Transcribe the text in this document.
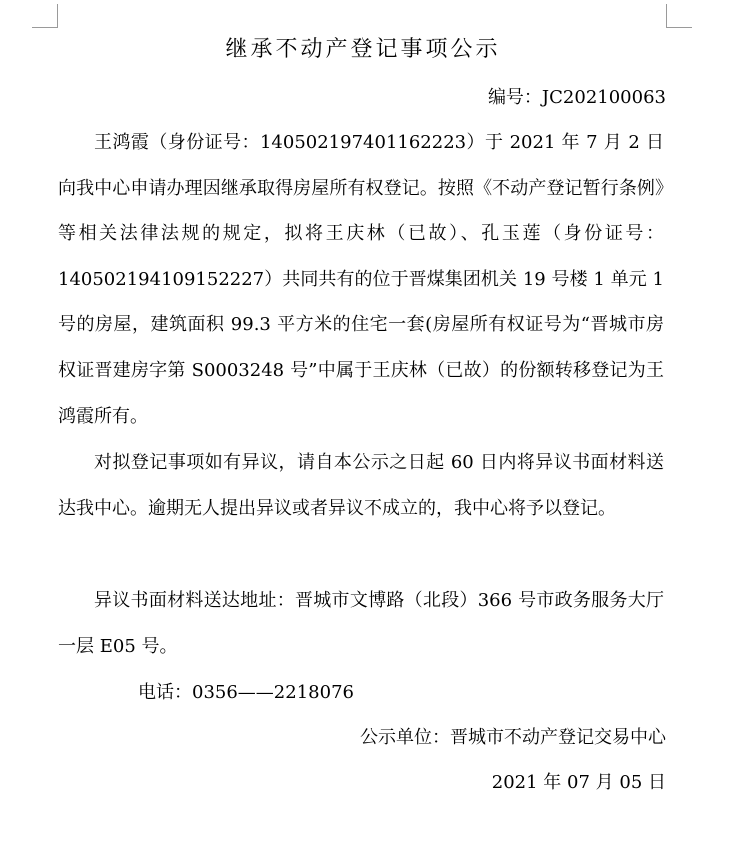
继承不动产登记事项公示
编号：JC202100063

王鸿霞（身份证号：140502197401162223）于 2021 年 7 月 2 日向我中心申请办理因继承取得房屋所有权登记。按照《不动产登记暂行条例》等相关法律法规的规定，拟将王庆林（已故）、孔玉莲（身份证号：140502194109152227）共同共有的位于晋煤集团机关 19 号楼 1 单元 1 号的房屋，建筑面积 99.3 平方米的住宅一套(房屋所有权证号为“晋城市房权证晋建房字第 S0003248 号”中属于王庆林（已故）的份额转移登记为王鸿霞所有。

对拟登记事项如有异议，请自本公示之日起 60 日内将异议书面材料送达我中心。逾期无人提出异议或者异议不成立的，我中心将予以登记。

异议书面材料送达地址：晋城市文博路（北段）366 号市政务服务大厅一层 E05 号。

电话：0356——2218076
公示单位：晋城市不动产登记交易中心
2021 年 07 月 05 日
